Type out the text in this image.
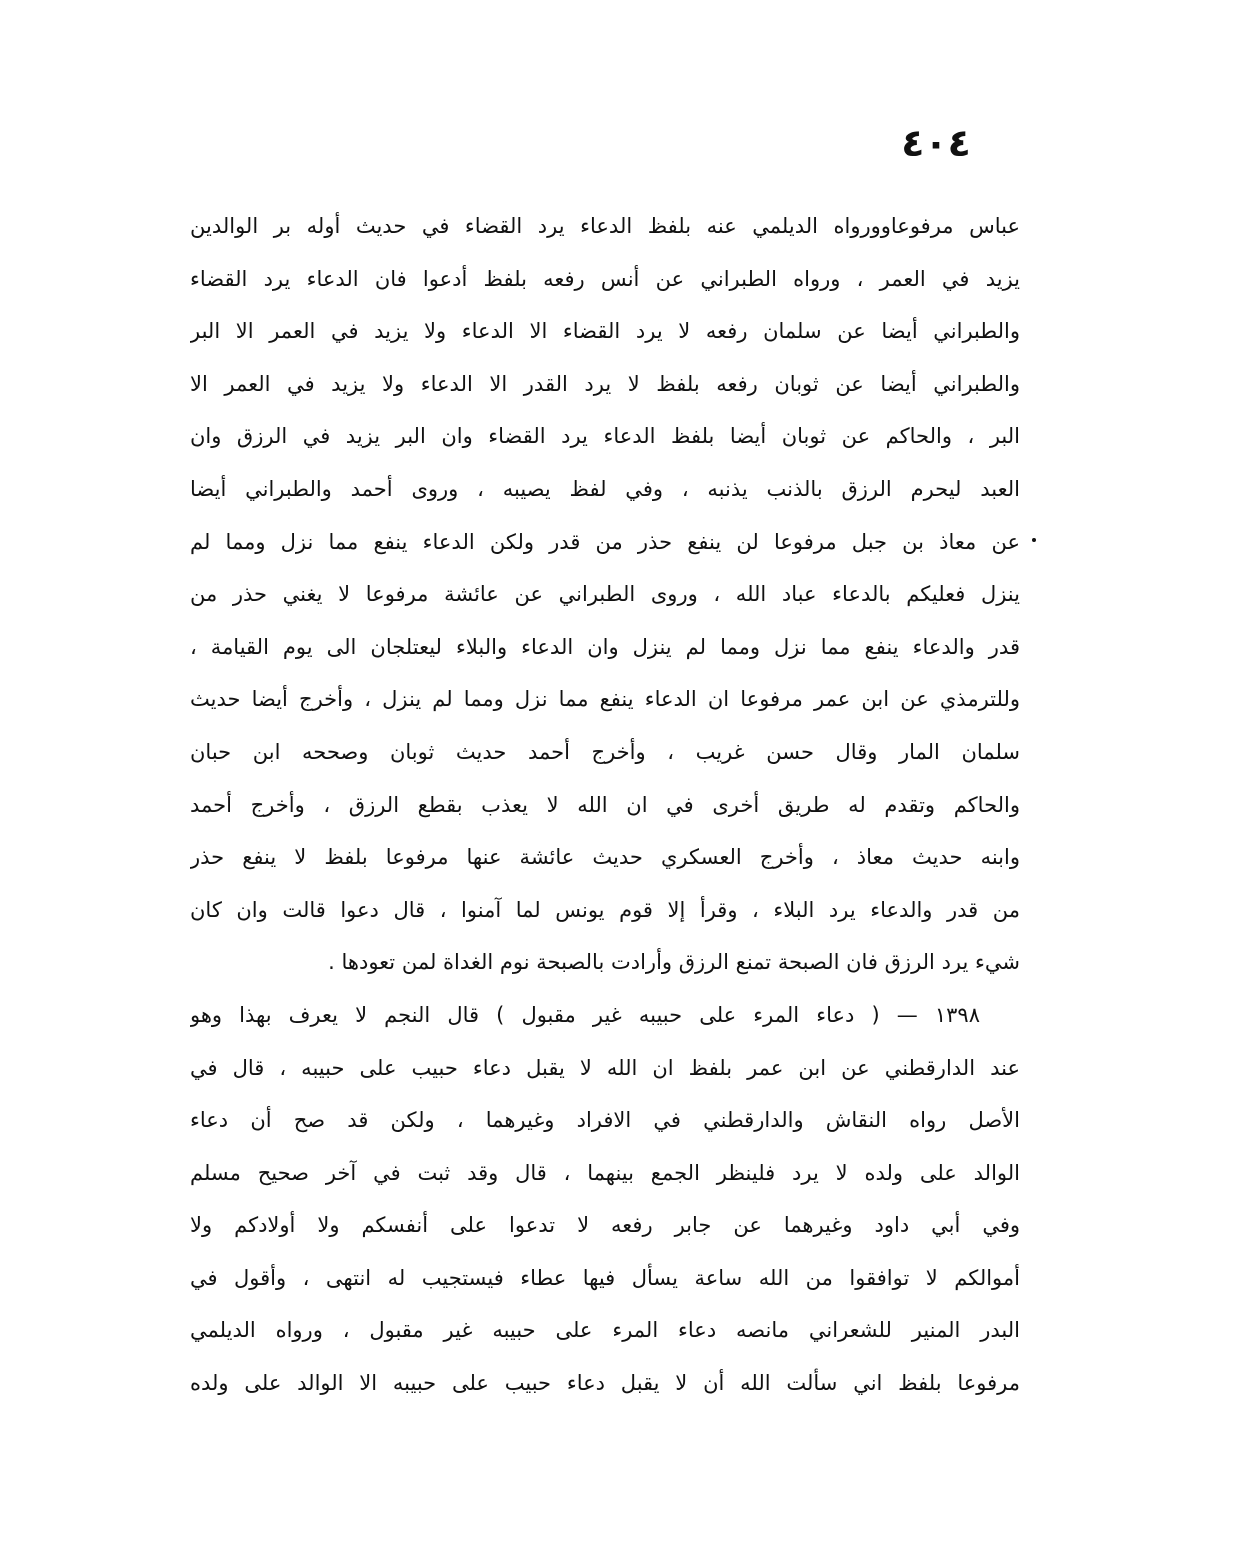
٤٠٤
عباس مرفوعاوورواه الديلمي عنه بلفظ الدعاء يرد القضاء في حديث أوله بر الوالدين
يزيد في العمر ، ورواه الطبراني عن أنس رفعه بلفظ أدعوا فان الدعاء يرد القضاء
والطبراني أيضا عن سلمان رفعه لا يرد القضاء الا الدعاء ولا يزيد في العمر الا البر
والطبراني أيضا عن ثوبان رفعه بلفظ لا يرد القدر الا الدعاء ولا يزيد في العمر الا
البر ، والحاكم عن ثوبان أيضا بلفظ الدعاء يرد القضاء وان البر يزيد في الرزق وان
العبد ليحرم الرزق بالذنب يذنبه ، وفي لفظ يصيبه ، وروى أحمد والطبراني أيضا
عن معاذ بن جبل مرفوعا لن ينفع حذر من قدر ولكن الدعاء ينفع مما نزل ومما لم
ينزل فعليكم بالدعاء عباد الله ، وروى الطبراني عن عائشة مرفوعا لا يغني حذر من
قدر والدعاء ينفع مما نزل ومما لم ينزل وان الدعاء والبلاء ليعتلجان الى يوم القيامة ،
وللترمذي عن ابن عمر مرفوعا ان الدعاء ينفع مما نزل ومما لم ينزل ، وأخرج أيضا حديث
سلمان المار وقال حسن غريب ، وأخرج أحمد حديث ثوبان وصححه ابن حبان
والحاكم وتقدم له طريق أخرى في ان الله لا يعذب بقطع الرزق ، وأخرج أحمد
وابنه حديث معاذ ، وأخرج العسكري حديث عائشة عنها مرفوعا بلفظ لا ينفع حذر
من قدر والدعاء يرد البلاء ، وقرأ إلا قوم يونس لما آمنوا ، قال دعوا قالت وان كان
شيء يرد الرزق فان الصبحة تمنع الرزق وأرادت بالصبحة نوم الغداة لمن تعودها .
١٣٩٨ — ( دعاء المرء على حبيبه غير مقبول ) قال النجم لا يعرف بهذا وهو
عند الدارقطني عن ابن عمر بلفظ ان الله لا يقبل دعاء حبيب على حبيبه ، قال في
الأصل رواه النقاش والدارقطني في الافراد وغيرهما ، ولكن قد صح أن دعاء
الوالد على ولده لا يرد فلينظر الجمع بينهما ، قال وقد ثبت في آخر صحيح مسلم
وفي أبي داود وغيرهما عن جابر رفعه لا تدعوا على أنفسكم ولا أولادكم ولا
أموالكم لا توافقوا من الله ساعة يسأل فيها عطاء فيستجيب له انتهى ، وأقول في
البدر المنير للشعراني مانصه دعاء المرء على حبيبه غير مقبول ، ورواه الديلمي
مرفوعا بلفظ اني سألت الله أن لا يقبل دعاء حبيب على حبيبه الا الوالد على ولده
